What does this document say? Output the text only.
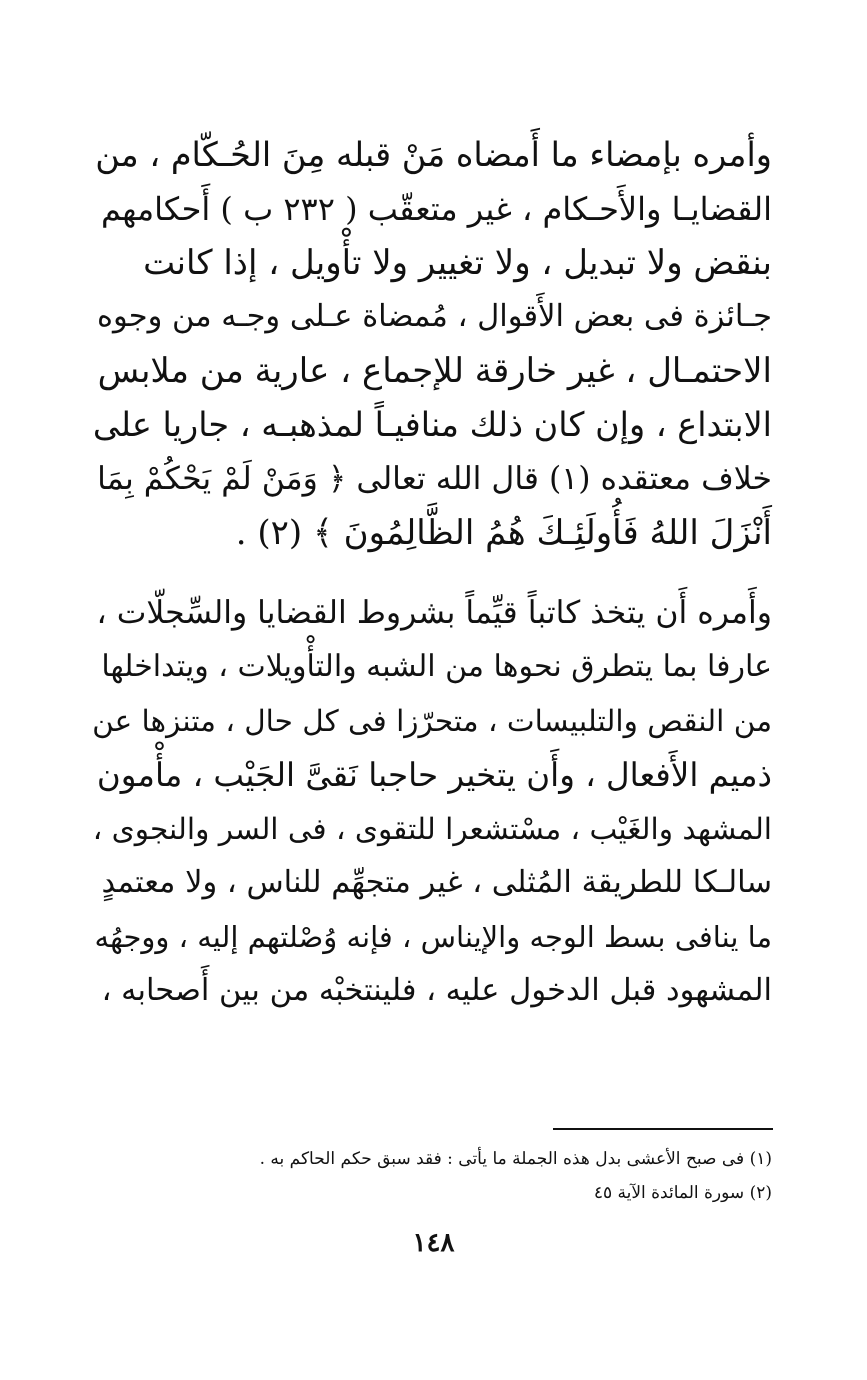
وأمره بإمضاء ما أَمضاه مَنْ قبله مِنَ الحُـكّام ، من
القضايـا والأَحـكام ، غير متعقّب ( ٢٣٢ ب ) أَحكامهم
بنقض ولا تبديل ، ولا تغيير ولا تأْويل ، إذا كانت
جـائزة فى بعض الأَقوال ، مُمضاة عـلى وجـه من وجوه
الاحتمـال ، غير خارقة للإجماع ، عارية من ملابس
الابتداع ، وإن كان ذلك منافيـاً لمذهبـه ، جاريا على
خلاف معتقده (١) قال الله تعالى ﴿ وَمَنْ لَمْ يَحْكُمْ بِمَا
أَنْزَلَ اللهُ فَأُولَئِـكَ هُمُ الظَّالِمُونَ ﴾ (٢) .

وأَمره أَن يتخذ كاتباً قيِّماً بشروط القضايا والسِّجلّات ،
عارفا بما يتطرق نحوها من الشبه والتأْويلات ، ويتداخلها
من النقص والتلبيسات ، متحرّزا فى كل حال ، متنزها عن
ذميم الأَفعال ، وأَن يتخير حاجبا نَقىَّ الجَيْب ، مأْمون
المشهد والغَيْب ، مسْتشعرا للتقوى ، فى السر والنجوى ،
سالـكا للطريقة المُثلى ، غير متجهِّم للناس ، ولا معتمدٍ
ما ينافى بسط الوجه والإيناس ، فإنه وُصْلتهم إليه ، ووجهُه
المشهود قبل الدخول عليه ، فلينتخبْه من بين أَصحابه ،

(١) فى صبح الأعشى بدل هذه الجملة ما يأتى : فقد سبق حكم الحاكم به .
(٢) سورة المائدة الآية ٤٥
١٤٨
